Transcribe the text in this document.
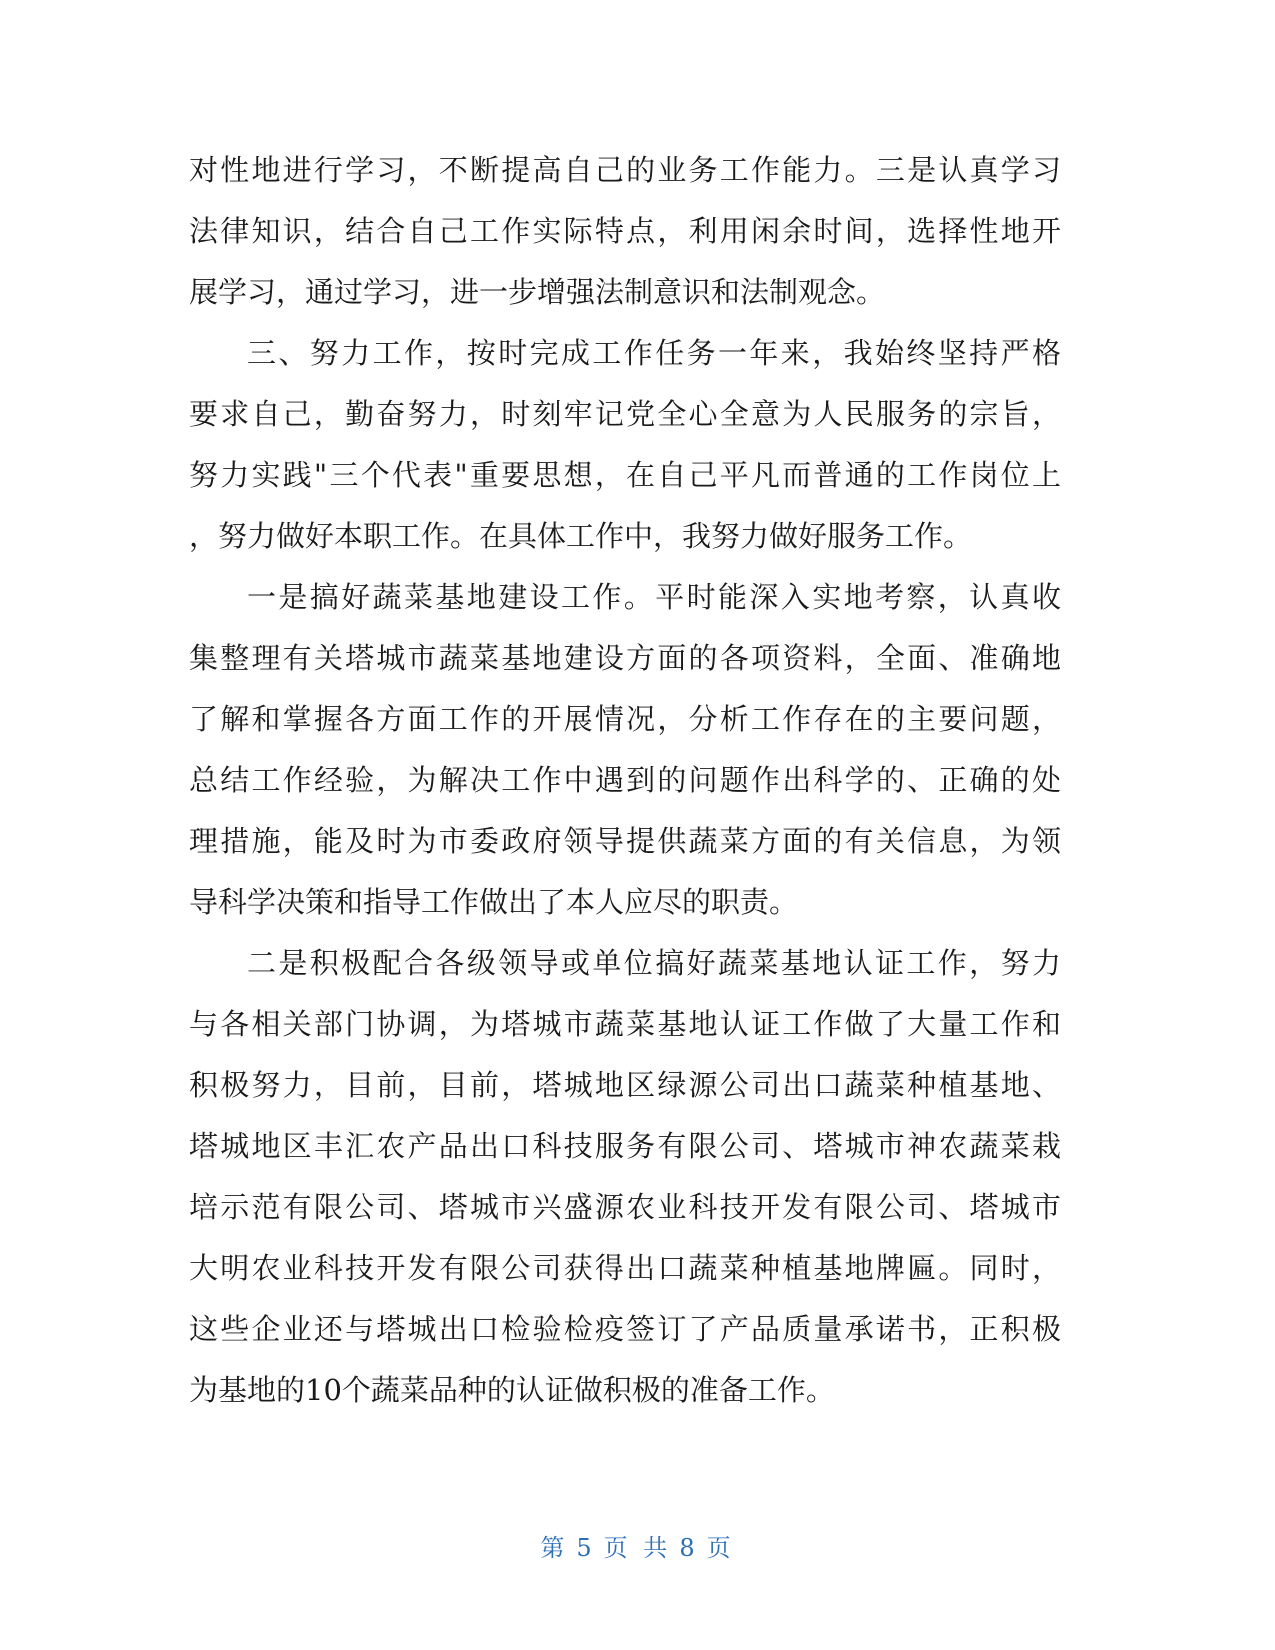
对性地进行学习，不断提高自己的业务工作能力。三是认真学习
法律知识，结合自己工作实际特点，利用闲余时间，选择性地开
展学习，通过学习，进一步增强法制意识和法制观念。
三、努力工作，按时完成工作任务一年来，我始终坚持严格
要求自己，勤奋努力，时刻牢记党全心全意为人民服务的宗旨，
努力实践"三个代表"重要思想，在自己平凡而普通的工作岗位上
，努力做好本职工作。在具体工作中，我努力做好服务工作。
一是搞好蔬菜基地建设工作。平时能深入实地考察，认真收
集整理有关塔城市蔬菜基地建设方面的各项资料，全面、准确地
了解和掌握各方面工作的开展情况，分析工作存在的主要问题，
总结工作经验，为解决工作中遇到的问题作出科学的、正确的处
理措施，能及时为市委政府领导提供蔬菜方面的有关信息，为领
导科学决策和指导工作做出了本人应尽的职责。
二是积极配合各级领导或单位搞好蔬菜基地认证工作，努力
与各相关部门协调，为塔城市蔬菜基地认证工作做了大量工作和
积极努力，目前，目前，塔城地区绿源公司出口蔬菜种植基地、
塔城地区丰汇农产品出口科技服务有限公司、塔城市神农蔬菜栽
培示范有限公司、塔城市兴盛源农业科技开发有限公司、塔城市
大明农业科技开发有限公司获得出口蔬菜种植基地牌匾。同时，
这些企业还与塔城出口检验检疫签订了产品质量承诺书，正积极
为基地的10个蔬菜品种的认证做积极的准备工作。
第 5 页 共 8 页
